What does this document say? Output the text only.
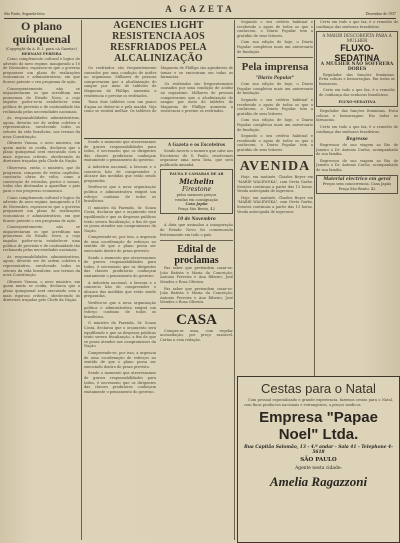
São Paulo, Segunda-feira	A GAZETA	Dezembro de 1937
O plano quinquenal
(Copyright da A. B. I. para «A Gazeta»)
HERNANI PEREIRA

Como complemento cultural e logico do advento do novo regime, inaugurado a 10 de Novembro, esperava-se que o governo preparasse um plano de realizações economicas e administrativas, em que ficasse patente o seu programa de ação.

Consequentemente, não se impacientaram os que acreditam nas promessas do Estado Novo, a cujo impulso poder-se-ia estabelecer uma politica de previsão e de continuidade tão reclamada pelas necessidades nacionais.

As responsabilidades administrativas, agora, deverão ser de ordem coletiva e representativa, envolvendo todos os setores da vida brasileira, nos termos da nova Constituição.

Olivares Vianna, o novo ministro, em quem muito se confia, declarou que o plano quinquenal será executado com o mais rigoroso criterio, obedecendo ás diretrizes traçadas pelo Chefe da Nação.

Observava, então, o ministro, que do programa, composto de varios capitulos, constarão obras de vulto, como a construção de estradas, portos e usinas, todas elas destinadas a aparelhar o país para o seu progresso economico.

Como complemento cultural e logico do advento do novo regime, inaugurado a 10 de Novembro, esperava-se que o governo preparasse um plano de realizações economicas e administrativas, em que ficasse patente o seu programa de ação.

Consequentemente, não se impacientaram os que acreditam nas promessas do Estado Novo, a cujo impulso poder-se-ia estabelecer uma politica de previsão e de continuidade tão reclamada pelas necessidades nacionais.

As responsabilidades administrativas, agora, deverão ser de ordem coletiva e representativa, envolvendo todos os setores da vida brasileira, nos termos da nova Constituição.

Olivares Vianna, o novo ministro, em quem muito se confia, declarou que o plano quinquenal será executado com o mais rigoroso criterio, obedecendo ás diretrizes traçadas pelo Chefe da Nação.

AGENCIES LIGHT RESISTENCIA AOS RESFRIADOS PELA ALCALINIZAÇÃO

Os resfriados são frequentemente causados por uma condição de acidez no organismo. Milhares de pessoas comprovaram que a alcalinização do sangue por meio de tabletes de Magnesia de Phillips aumenta a resistencia e previne os resfriados.

Tome dois tabletes com um pouco d'agua ao deitar-se e pela manhã. Veja como se sentirá melhor. Os tabletes de Magnesia de Phillips são agradaveis de tomar e se encontram em todas as farmacias.

Os resfriados são frequentemente causados por uma condição de acidez no organismo. Milhares de pessoas comprovaram que a alcalinização do sangue por meio de tabletes de Magnesia de Phillips aumenta a resistencia e previne os resfriados.

Sendo o momento que atravessamos de graves responsabilidades para todos, é necessario que os dirigentes das classes produtoras conheçam exatamente o pensamento do governo.

A industria nacional, a lavoura e o comercio hão de compreender o alcance das medidas que estão sendo preparadas.

Verifica-se que a nova organização politica e administrativa exigirá um esforço continuo de todos os brasileiros.

O ministro da Fazenda, Sr. Souza Costa, declarou que o orçamento será equilibrado e que as despesas publicas terão severa fiscalização, a fim de que se possa atender aos compromissos da Nação.

Compreende-se, por isso, a urgencia de uma coordenação de esforços no sentido de que o plano possa ser executado dentro do prazo previsto.

Sendo o momento que atravessamos de graves responsabilidades para todos, é necessario que os dirigentes das classes produtoras conheçam exatamente o pensamento do governo.

A industria nacional, a lavoura e o comercio hão de compreender o alcance das medidas que estão sendo preparadas.

Verifica-se que a nova organização politica e administrativa exigirá um esforço continuo de todos os brasileiros.

O ministro da Fazenda, Sr. Souza Costa, declarou que o orçamento será equilibrado e que as despesas publicas terão severa fiscalização, a fim de que se possa atender aos compromissos da Nação.

Compreende-se, por isso, a urgencia de uma coordenação de esforços no sentido de que o plano possa ser executado dentro do prazo previsto.

Sendo o momento que atravessamos de graves responsabilidades para todos, é necessario que os dirigentes das classes produtoras conheçam exatamente o pensamento do governo.

A Gazeta e os Escoteiros

Sendo incerto o numero que cabe aos Escoteiros de S. Paulo, resolvemos organizar uma nova lista, que será publicada amanhã.

PAUSA E CAMARAS DE AR
Michelin
Firestone
pelos menores preços
vendas em consignação
Casa Japão
Praça São Bento, 42
10 de Novembro

A data que assinalou a inauguração do Estado Novo foi comemorada festivamente em todo o país.

Edital de proclamas

Faz saber que pretendem casar-se: João Batista e Maria da Conceição; Antonio Ferreira e Ana Ribeiro; José Mendes e Rosa Oliveira.

Faz saber que pretendem casar-se: João Batista e Maria da Conceição; Antonio Ferreira e Ana Ribeiro; José Mendes e Rosa Oliveira.

CASA

Compra-se uma, com regular acomodação, por preço razoavel. Cartas a esta redação.

Segundo o seu critério habitual e recebendo o apoio de todos os que o conhecem, o Diario Popular tem a gratidão de seus leitores.

Com sua edição de hoje, o Diario Popular completou mais um aniversario de fundação.

Pela imprensa
"Diario Popular"

Com sua edição de hoje, o Diario Popular completou mais um aniversario de fundação.

Segundo o seu critério habitual e recebendo o apoio de todos os que o conhecem, o Diario Popular tem a gratidão de seus leitores.

Com sua edição de hoje, o Diario Popular completou mais um aniversario de fundação.

Segundo o seu critério habitual e recebendo o apoio de todos os que o conhecem, o Diario Popular tem a gratidão de seus leitores.

AVENIDA

Hoje, em matinée, Charles Boyer em "MARIE WALEWSKA", com Greta Garbo. Sessões continuas a partir das 13 horas. Venda antecipada de ingressos.

Hoje, em matinée, Charles Boyer em "MARIE WALEWSKA", com Greta Garbo. Sessões continuas a partir das 13 horas. Venda antecipada de ingressos.

Certo em tudo o que faz, é o remedio de confiança das senhoras brasileiras.

A MAIOR DESCOBERTA PARA A MULHER
FLUXO-SEDATINA
A MULHER NÃO SOFFRERA DORES

Regulador das funções femininas. Evita colicas e hemorragias. Em todas as farmacias.

Certo em tudo o que faz, é o remedio de confiança das senhoras brasileiras.

FLUXO-SEDATINA

Regulador das funções femininas. Evita colicas e hemorragias. Em todas as farmacias.

Certo em tudo o que faz, é o remedio de confiança das senhoras brasileiras.

Regresso

Regressou de sua viagem ao Rio de Janeiro o Dr. Antonio Carlos, acompanhado de sua familia.

Regressou de sua viagem ao Rio de Janeiro o Dr. Antonio Carlos, acompanhado de sua familia.

Material electrico em geral
Preços sem concorrencia. Casa Japão
Praça São Bento, 42
Cestas para o Natal

Com pessoal especializado e grande experiencia, fazemos cestas para o Natal, com finos productos nacionais e estrangeiros, a preços modicos.

Empresa "Papae Noel" Ltda.
Rua Capitão Salomão, 13 - 4.º andar - Sala 41 - Telephone 4-5618
SÃO PAULO
Agente nesta cidade:
Amelia Ragazzoni
